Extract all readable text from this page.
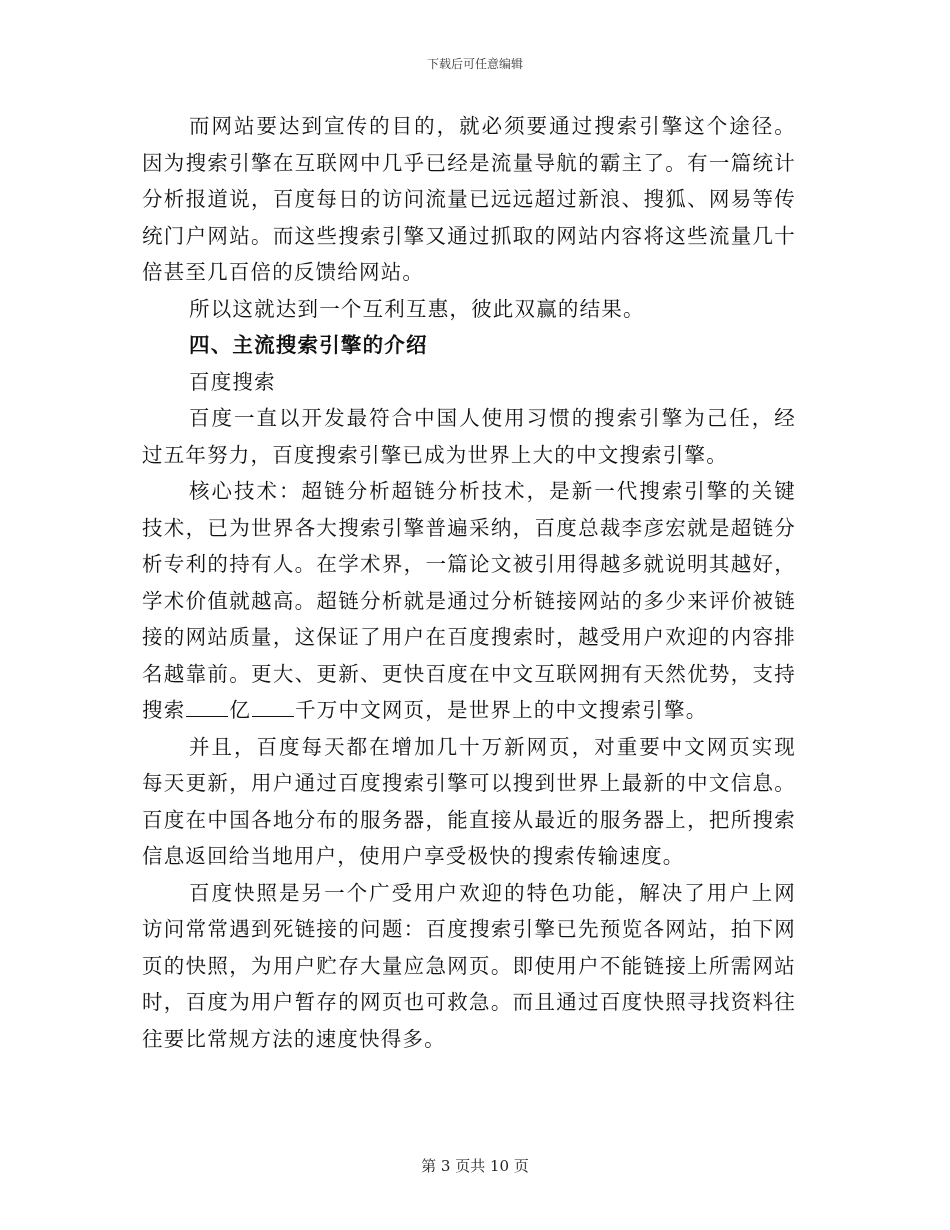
下载后可任意编辑

而网站要达到宣传的目的，就必须要通过搜索引擎这个途径。因为搜索引擎在互联网中几乎已经是流量导航的霸主了。有一篇统计分析报道说，百度每日的访问流量已远远超过新浪、搜狐、网易等传统门户网站。而这些搜索引擎又通过抓取的网站内容将这些流量几十倍甚至几百倍的反馈给网站。

所以这就达到一个互利互惠，彼此双赢的结果。

四、主流搜索引擎的介绍

百度搜索

百度一直以开发最符合中国人使用习惯的搜索引擎为己任，经过五年努力，百度搜索引擎已成为世界上大的中文搜索引擎。

核心技术：超链分析超链分析技术，是新一代搜索引擎的关键技术，已为世界各大搜索引擎普遍采纳，百度总裁李彦宏就是超链分析专利的持有人。在学术界，一篇论文被引用得越多就说明其越好，学术价值就越高。超链分析就是通过分析链接网站的多少来评价被链接的网站质量，这保证了用户在百度搜索时，越受用户欢迎的内容排名越靠前。更大、更新、更快百度在中文互联网拥有天然优势，支持搜索 亿 千万中文网页，是世界上的中文搜索引擎。

并且，百度每天都在增加几十万新网页，对重要中文网页实现每天更新，用户通过百度搜索引擎可以搜到世界上最新的中文信息。百度在中国各地分布的服务器，能直接从最近的服务器上，把所搜索信息返回给当地用户，使用户享受极快的搜索传输速度。

百度快照是另一个广受用户欢迎的特色功能，解决了用户上网访问常常遇到死链接的问题：百度搜索引擎已先预览各网站，拍下网页的快照，为用户贮存大量应急网页。即使用户不能链接上所需网站时，百度为用户暂存的网页也可救急。而且通过百度快照寻找资料往往要比常规方法的速度快得多。

第 3 页共 10 页
